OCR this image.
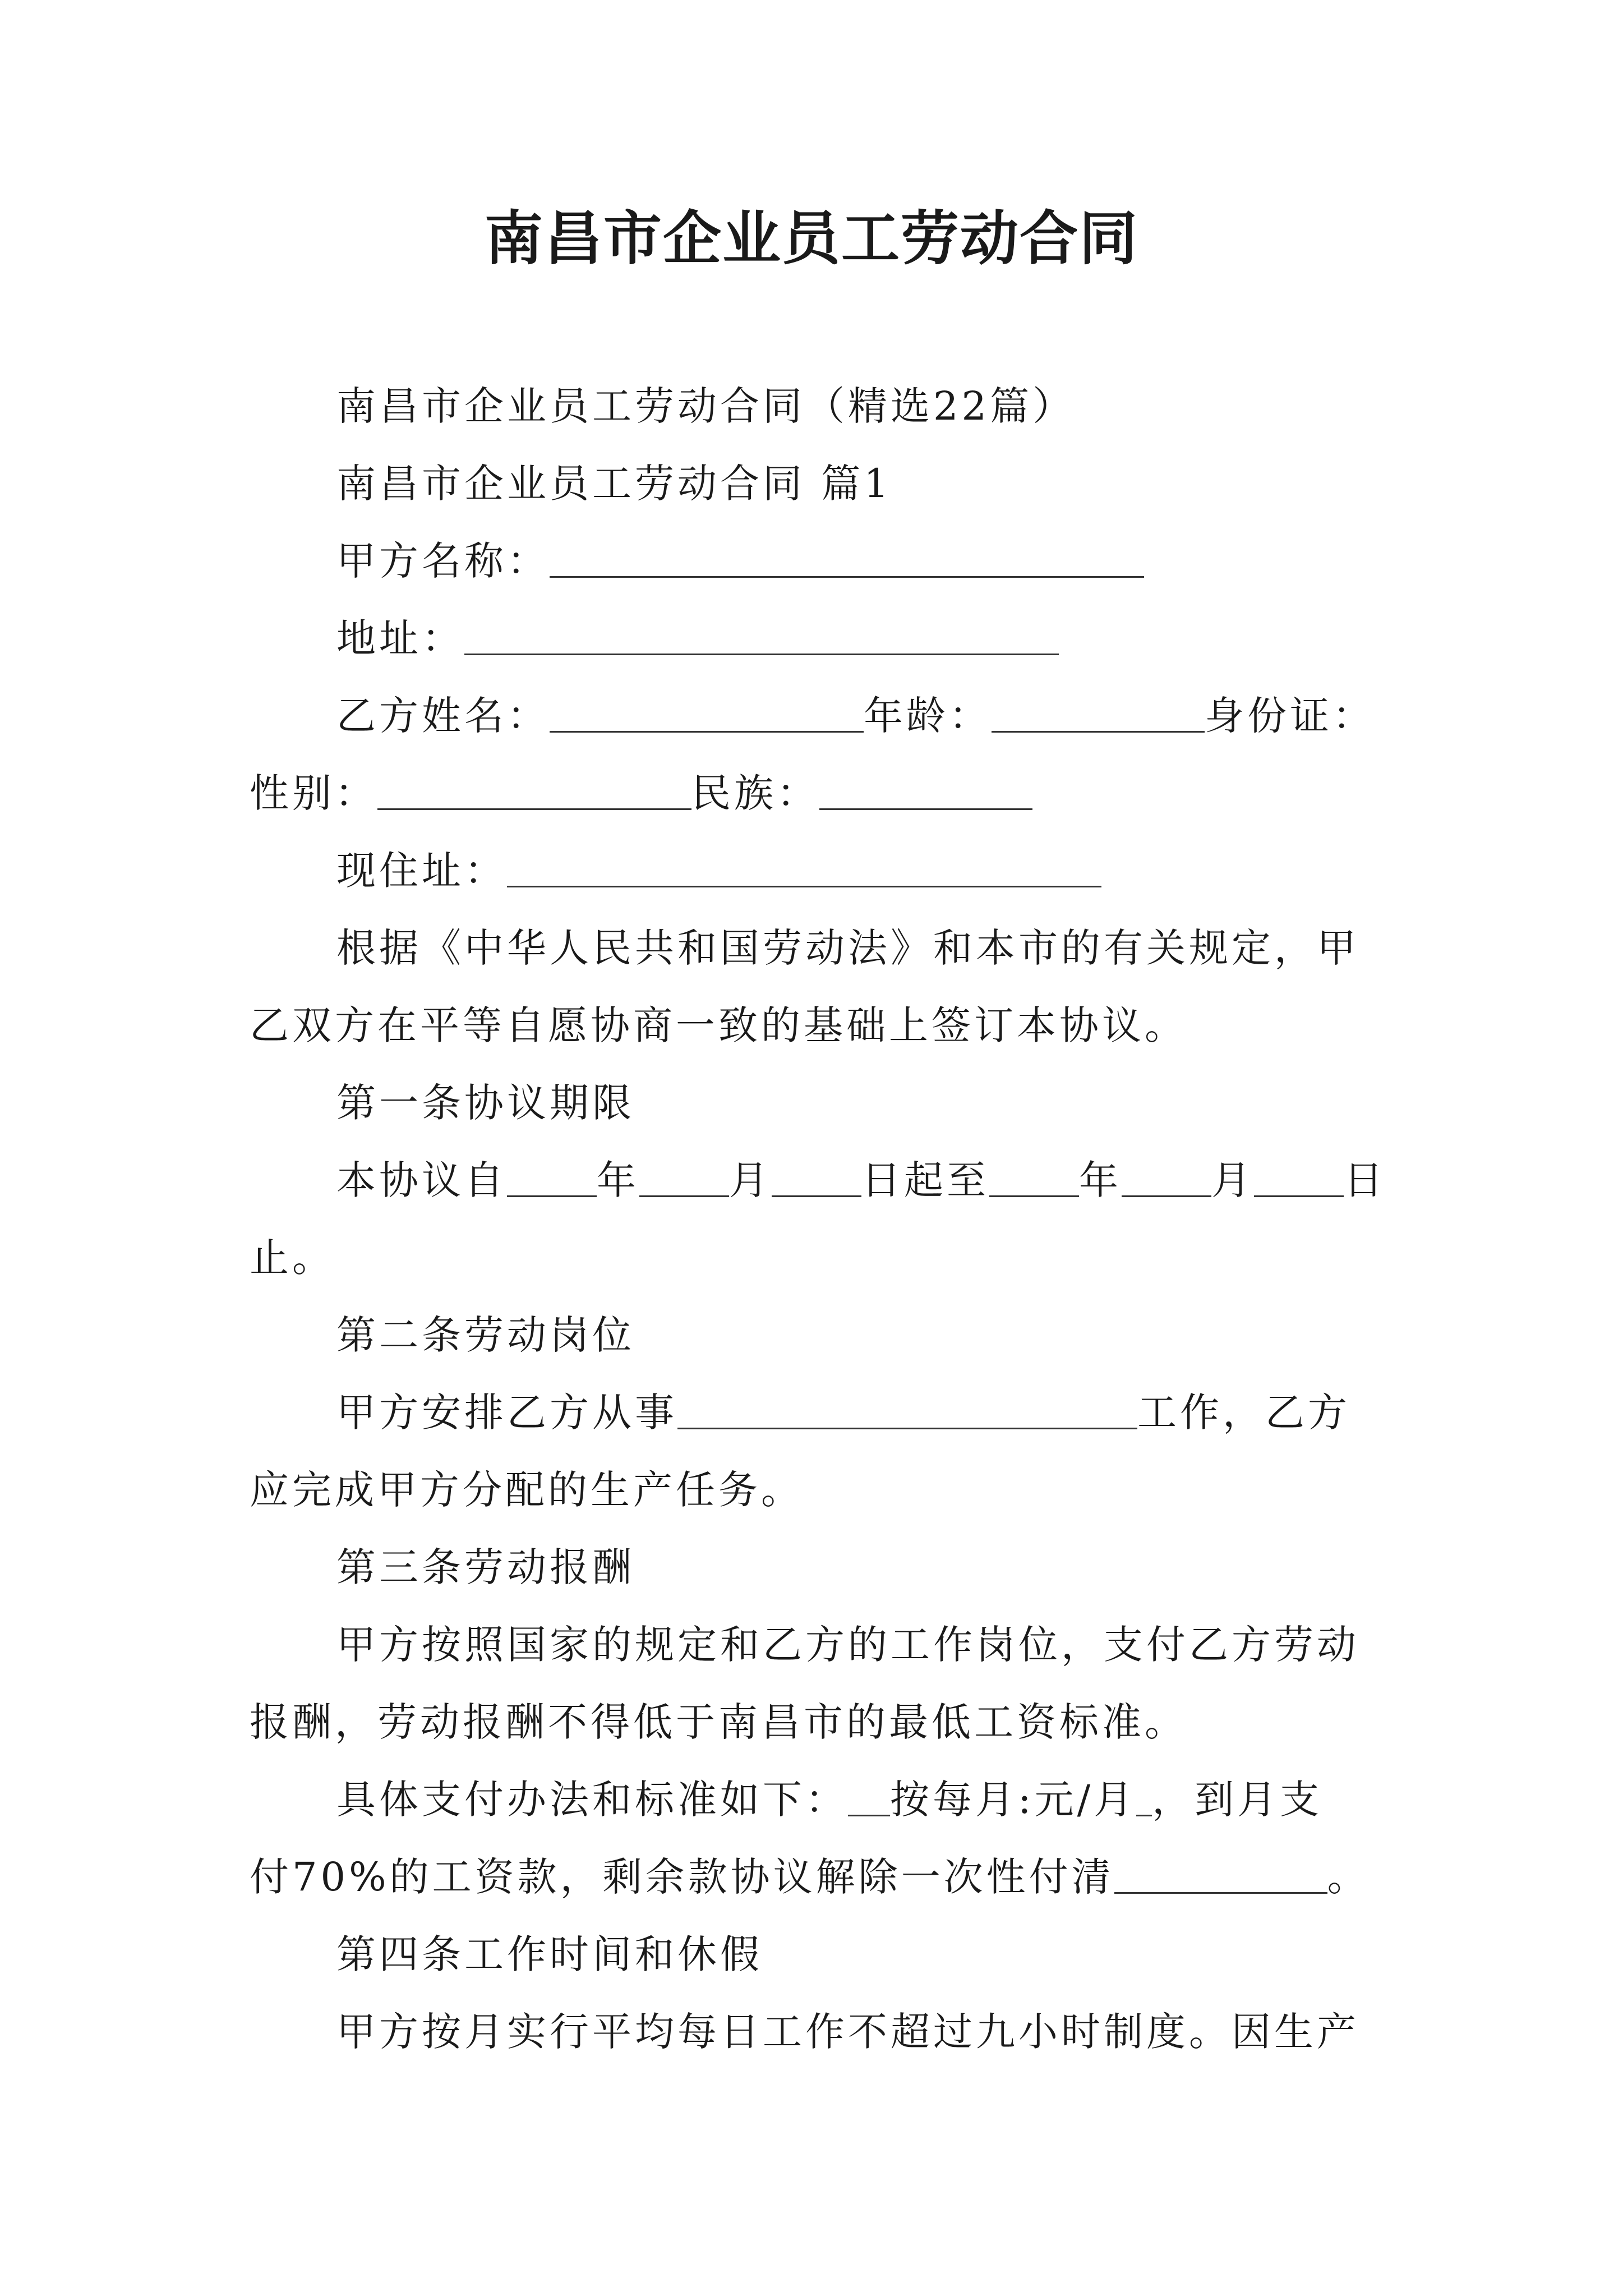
南昌市企业员工劳动合同
南昌市企业员工劳动合同（精选22篇）
南昌市企业员工劳动合同 篇1
甲方名称：
地址：
乙方姓名：	年龄：	身份证：
性别：	民族：
现住址：
根据《中华人民共和国劳动法》和本市的有关规定，甲
乙双方在平等自愿协商一致的基础上签订本协议。
第一条协议期限
本协议自 年 月 日起至 年 月 日
止。
第二条劳动岗位
甲方安排乙方从事	工作，乙方
应完成甲方分配的生产任务。
第三条劳动报酬
甲方按照国家的规定和乙方的工作岗位，支付乙方劳动
报酬，劳动报酬不得低于南昌市的最低工资标准。
具体支付办法和标准如下： 按每月:元/月 ，到月支
付70%的工资款，剩余款协议解除一次性付清	。
第四条工作时间和休假
甲方按月实行平均每日工作不超过九小时制度。因生产
